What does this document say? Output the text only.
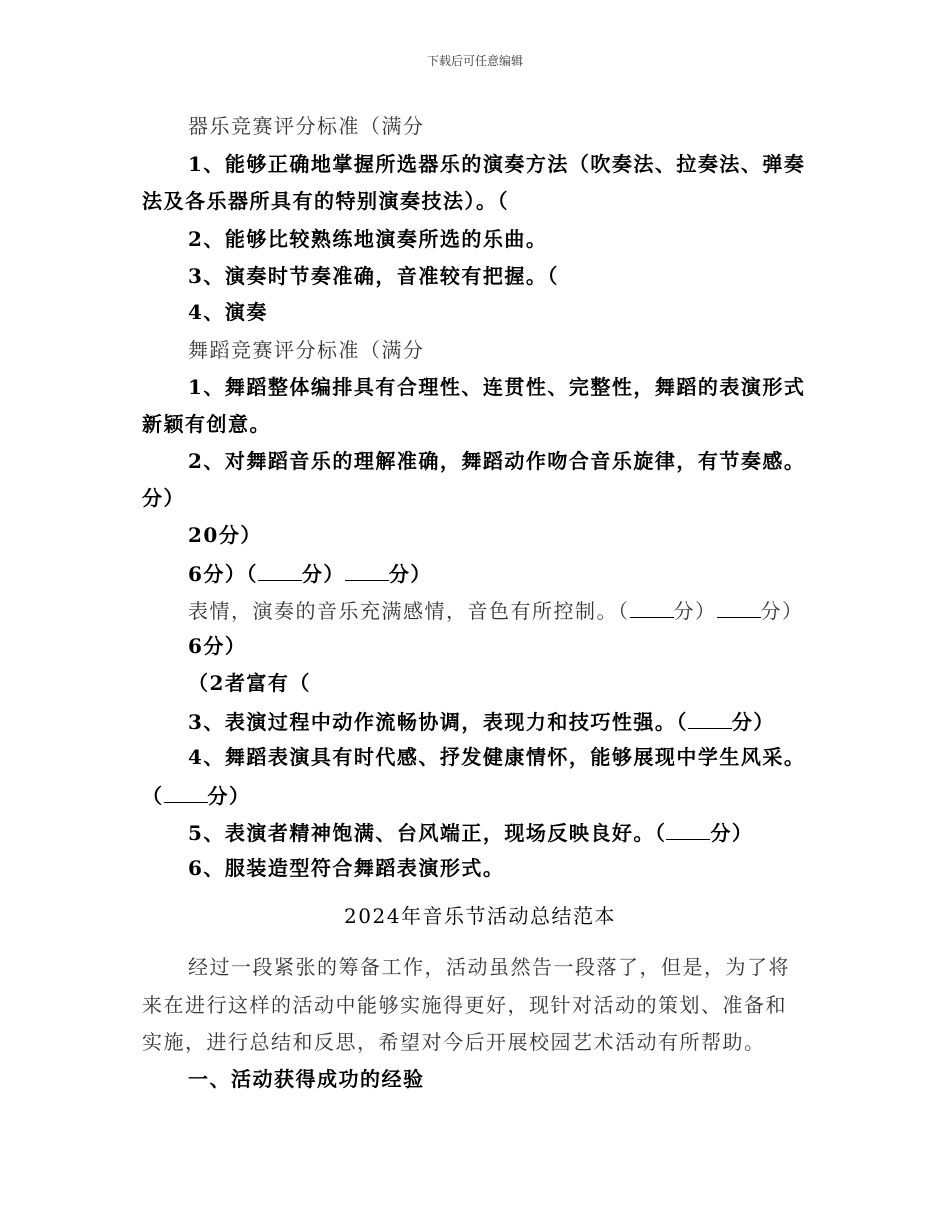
下载后可任意编辑
器乐竞赛评分标准（满分
1、能够正确地掌握所选器乐的演奏方法（吹奏法、拉奏法、弹奏
法及各乐器所具有的特别演奏技法）。（
2、能够比较熟练地演奏所选的乐曲。
3、演奏时节奏准确，音准较有把握。（
4、演奏
舞蹈竞赛评分标准（满分
1、舞蹈整体编排具有合理性、连贯性、完整性，舞蹈的表演形式
新颖有创意。
2、对舞蹈音乐的理解准确，舞蹈动作吻合音乐旋律，有节奏感。
分）
20分）
6分）（ 分） 分）
表情，演奏的音乐充满感情，音色有所控制。（ 分） 分）
6分）
（2者富有（
3、表演过程中动作流畅协调，表现力和技巧性强。（ 分）
4、舞蹈表演具有时代感、抒发健康情怀，能够展现中学生风采。
（ 分）
5、表演者精神饱满、台风端正，现场反映良好。（ 分）
6、服装造型符合舞蹈表演形式。
2024年音乐节活动总结范本
经过一段紧张的筹备工作，活动虽然告一段落了，但是，为了将
来在进行这样的活动中能够实施得更好，现针对活动的策划、准备和
实施，进行总结和反思，希望对今后开展校园艺术活动有所帮助。
一、活动获得成功的经验
